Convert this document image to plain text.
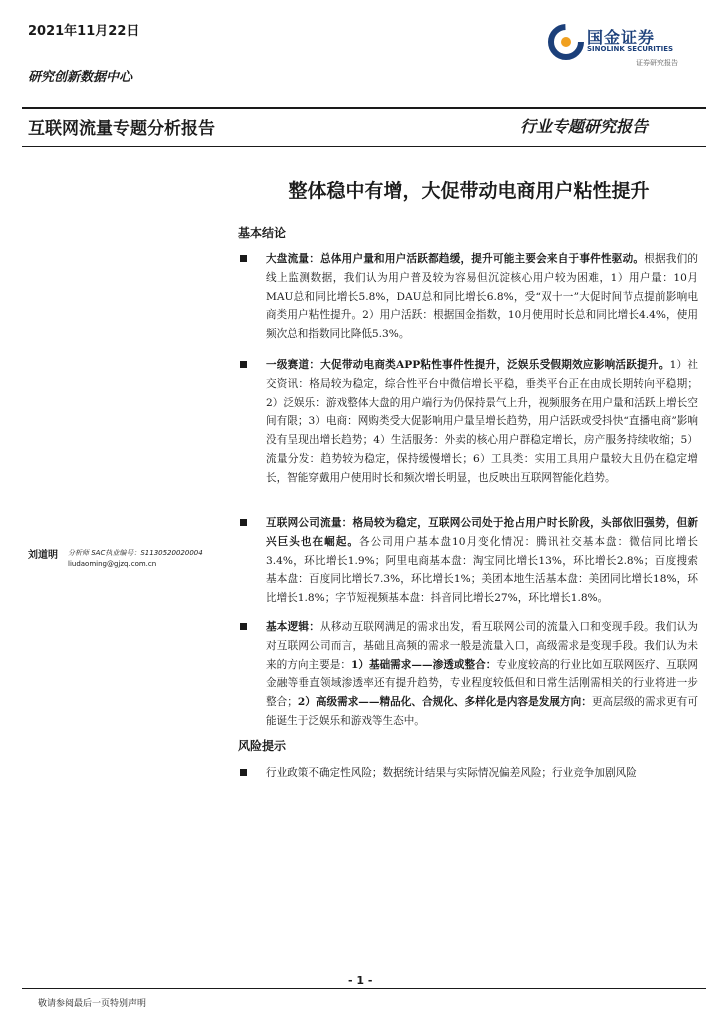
2021年11月22日
研究创新数据中心
国金证券
SINOLINK SECURITIES
证券研究报告
互联网流量专题分析报告	行业专题研究报告
整体稳中有增，大促带动电商用户粘性提升
基本结论
大盘流量：总体用户量和用户活跃都趋缓，提升可能主要会来自于事件性驱动。根据我们的线上监测数据，我们认为用户普及较为容易但沉淀核心用户较为困难，1）用户量：10月MAU总和同比增长5.8%，DAU总和同比增长6.8%，受“双十一”大促时间节点提前影响电商类用户粘性提升。2）用户活跃：根据国金指数，10月使用时长总和同比增长4.4%，使用频次总和指数同比降低5.3%。
一级赛道：大促带动电商类APP粘性事件性提升，泛娱乐受假期效应影响活跃提升。1）社交资讯：格局较为稳定，综合性平台中微信增长平稳，垂类平台正在由成长期转向平稳期；2）泛娱乐：游戏整体大盘的用户端行为仍保持景气上升，视频服务在用户量和活跃上增长空间有限；3）电商：网购类受大促影响用户量呈增长趋势，用户活跃或受抖快“直播电商”影响没有呈现出增长趋势；4）生活服务：外卖的核心用户群稳定增长，房产服务持续收缩；5）流量分发：趋势较为稳定，保持缓慢增长；6）工具类：实用工具用户量较大且仍在稳定增长，智能穿戴用户使用时长和频次增长明显，也反映出互联网智能化趋势。
互联网公司流量：格局较为稳定，互联网公司处于抢占用户时长阶段，头部依旧强势，但新兴巨头也在崛起。各公司用户基本盘10月变化情况：腾讯社交基本盘：微信同比增长3.4%，环比增长1.9%；阿里电商基本盘：淘宝同比增长13%，环比增长2.8%；百度搜索基本盘：百度同比增长7.3%，环比增长1%；美团本地生活基本盘：美团同比增长18%，环比增长1.8%；字节短视频基本盘：抖音同比增长27%，环比增长1.8%。
基本逻辑：从移动互联网满足的需求出发，看互联网公司的流量入口和变现手段。我们认为对互联网公司而言，基础且高频的需求一般是流量入口，高级需求是变现手段。我们认为未来的方向主要是：1）基础需求——渗透或整合：专业度较高的行业比如互联网医疗、互联网金融等垂直领域渗透率还有提升趋势，专业程度较低但和日常生活刚需相关的行业将进一步整合；2）高级需求——精品化、合规化、多样化是内容是发展方向：更高层级的需求更有可能诞生于泛娱乐和游戏等生态中。
风险提示
行业政策不确定性风险；数据统计结果与实际情况偏差风险；行业竞争加剧风险
刘道明 分析师 SAC执业编号：S1130520020004
liudaoming@gjzq.com.cn
- 1 -
敬请参阅最后一页特别声明
